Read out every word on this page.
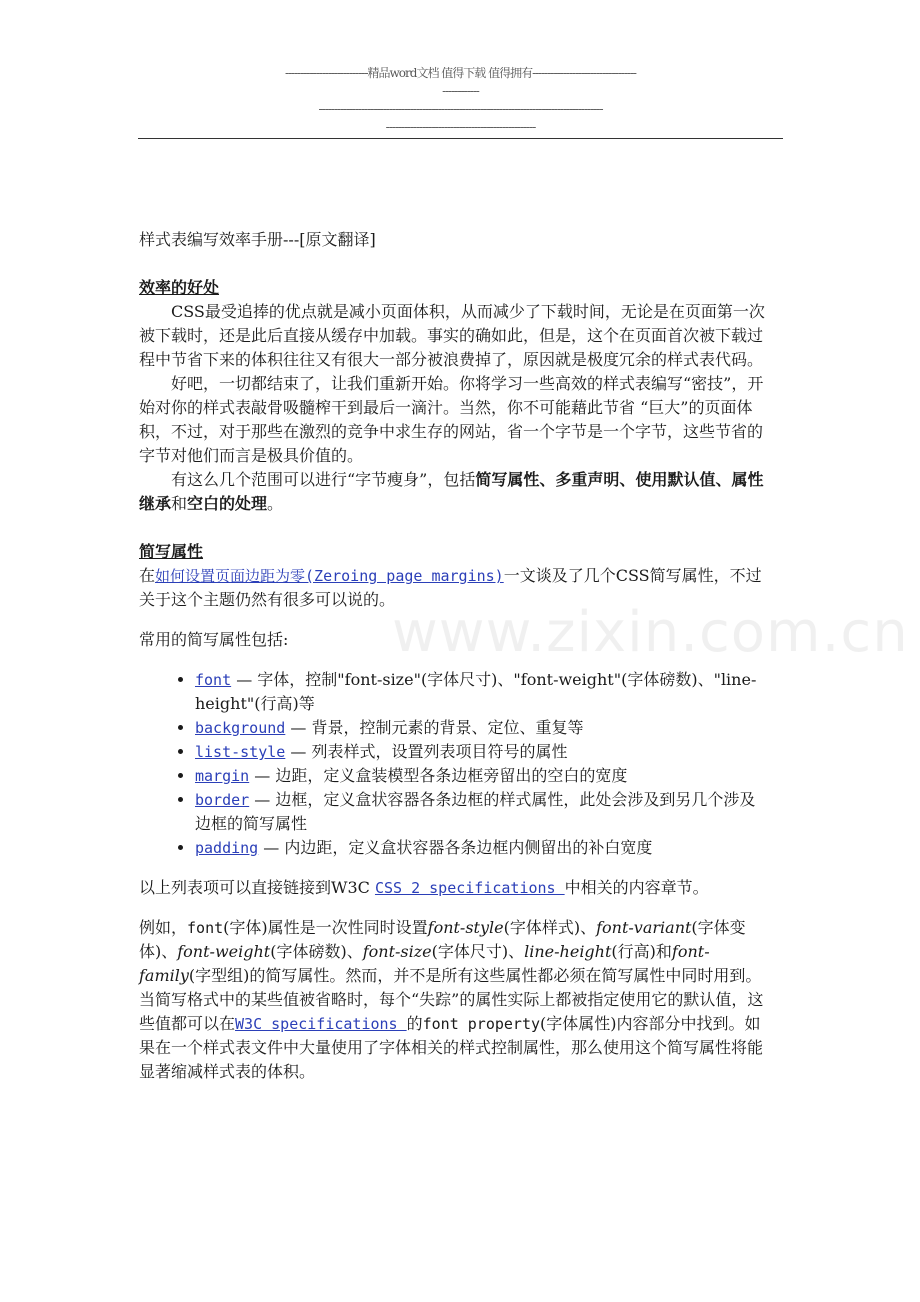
---------------------------精品word文档 值得下载 值得拥有----------------------------------
------------
---------------------------------------------------------------------------------------------
-------------------------------------------------
www.zixin.com.cn

样式表编写效率手册---[原文翻译]

效率的好处

CSS最受追捧的优点就是减小页面体积，从而减少了下载时间，无论是在页面第一次被下载时，还是此后直接从缓存中加载。事实的确如此，但是，这个在页面首次被下载过程中节省下来的体积往往又有很大一部分被浪费掉了，原因就是极度冗余的样式表代码。

好吧，一切都结束了，让我们重新开始。你将学习一些高效的样式表编写“密技”，开始对你的样式表敲骨吸髓榨干到最后一滴汁。当然，你不可能藉此节省 “巨大”的页面体积，不过，对于那些在激烈的竞争中求生存的网站，省一个字节是一个字节，这些节省的字节对他们而言是极具价值的。

有这么几个范围可以进行“字节瘦身”，包括简写属性、多重声明、使用默认值、属性继承和空白的处理。

简写属性

在如何设置页面边距为零(Zeroing page margins)一文谈及了几个CSS简写属性，不过关于这个主题仍然有很多可以说的。

常用的简写属性包括:

• font — 字体，控制"font-size"(字体尺寸)、"font-weight"(字体磅数)、"line-height"(行高)等
• background — 背景，控制元素的背景、定位、重复等
• list-style — 列表样式，设置列表项目符号的属性
• margin — 边距，定义盒装模型各条边框旁留出的空白的宽度
• border — 边框，定义盒状容器各条边框的样式属性，此处会涉及到另几个涉及边框的简写属性
• padding — 内边距，定义盒状容器各条边框内侧留出的补白宽度

以上列表项可以直接链接到W3C CSS 2 specifications 中相关的内容章节。

例如，font(字体)属性是一次性同时设置font-style(字体样式)、font-variant(字体变体)、font-weight(字体磅数)、font-size(字体尺寸)、line-height(行高)和font-family(字型组)的简写属性。然而，并不是所有这些属性都必须在简写属性中同时用到。当简写格式中的某些值被省略时，每个“失踪”的属性实际上都被指定使用它的默认值，这些值都可以在W3C specifications 的font property(字体属性)内容部分中找到。如果在一个样式表文件中大量使用了字体相关的样式控制属性，那么使用这个简写属性将能显著缩减样式表的体积。
